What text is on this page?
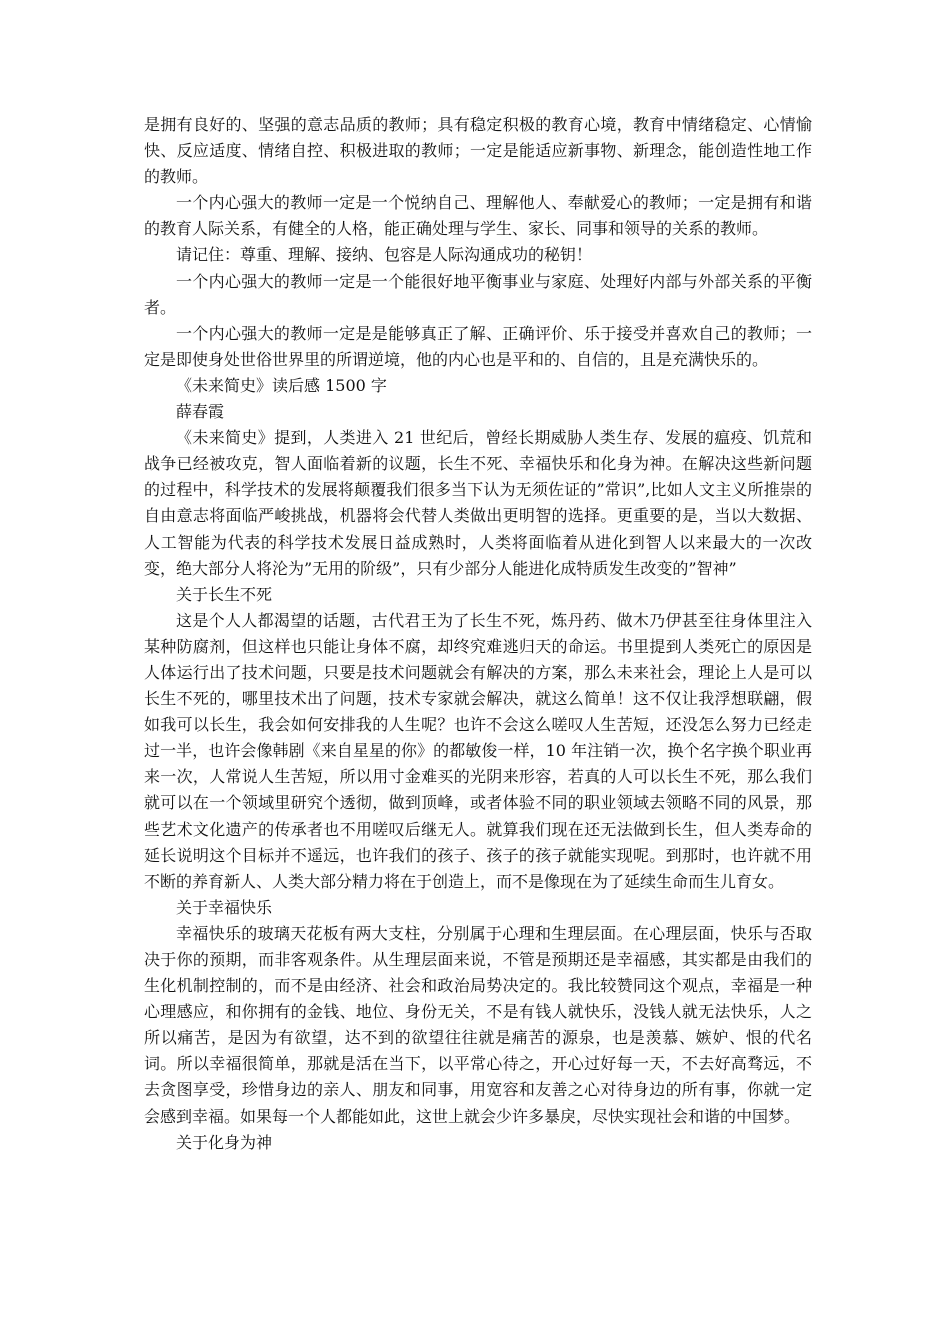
是拥有良好的、坚强的意志品质的教师；具有稳定积极的教育心境，教育中情绪稳定、心情愉快、反应适度、情绪自控、积极进取的教师；一定是能适应新事物、新理念，能创造性地工作的教师。

一个内心强大的教师一定是一个悦纳自己、理解他人、奉献爱心的教师；一定是拥有和谐的教育人际关系，有健全的人格，能正确处理与学生、家长、同事和领导的关系的教师。

请记住：尊重、理解、接纳、包容是人际沟通成功的秘钥！

一个内心强大的教师一定是一个能很好地平衡事业与家庭、处理好内部与外部关系的平衡者。

一个内心强大的教师一定是是能够真正了解、正确评价、乐于接受并喜欢自己的教师；一定是即使身处世俗世界里的所谓逆境，他的内心也是平和的、自信的，且是充满快乐的。

《未来简史》读后感 1500 字

薛春霞

《未来简史》提到，人类进入 21 世纪后，曾经长期威胁人类生存、发展的瘟疫、饥荒和战争已经被攻克，智人面临着新的议题，长生不死、幸福快乐和化身为神。在解决这些新问题的过程中，科学技术的发展将颠覆我们很多当下认为无须佐证的”常识”,比如人文主义所推崇的自由意志将面临严峻挑战，机器将会代替人类做出更明智的选择。更重要的是，当以大数据、人工智能为代表的科学技术发展日益成熟时，人类将面临着从进化到智人以来最大的一次改变，绝大部分人将沦为”无用的阶级”，只有少部分人能进化成特质发生改变的”智神”

关于长生不死

这是个人人都渴望的话题，古代君王为了长生不死，炼丹药、做木乃伊甚至往身体里注入某种防腐剂，但这样也只能让身体不腐，却终究难逃归天的命运。书里提到人类死亡的原因是人体运行出了技术问题，只要是技术问题就会有解决的方案，那么未来社会，理论上人是可以长生不死的，哪里技术出了问题，技术专家就会解决，就这么简单！这不仅让我浮想联翩，假如我可以长生，我会如何安排我的人生呢？也许不会这么嗟叹人生苦短，还没怎么努力已经走过一半，也许会像韩剧《来自星星的你》的都敏俊一样，10 年注销一次，换个名字换个职业再来一次，人常说人生苦短，所以用寸金难买的光阴来形容，若真的人可以长生不死，那么我们就可以在一个领域里研究个透彻，做到顶峰，或者体验不同的职业领域去领略不同的风景，那些艺术文化遗产的传承者也不用嗟叹后继无人。就算我们现在还无法做到长生，但人类寿命的延长说明这个目标并不遥远，也许我们的孩子、孩子的孩子就能实现呢。到那时，也许就不用不断的养育新人、人类大部分精力将在于创造上，而不是像现在为了延续生命而生儿育女。

关于幸福快乐

幸福快乐的玻璃天花板有两大支柱，分别属于心理和生理层面。在心理层面，快乐与否取决于你的预期，而非客观条件。从生理层面来说，不管是预期还是幸福感，其实都是由我们的生化机制控制的，而不是由经济、社会和政治局势决定的。我比较赞同这个观点，幸福是一种心理感应，和你拥有的金钱、地位、身份无关，不是有钱人就快乐，没钱人就无法快乐，人之所以痛苦，是因为有欲望，达不到的欲望往往就是痛苦的源泉，也是羡慕、嫉妒、恨的代名词。所以幸福很简单，那就是活在当下，以平常心待之，开心过好每一天，不去好高骛远，不去贪图享受，珍惜身边的亲人、朋友和同事，用宽容和友善之心对待身边的所有事，你就一定会感到幸福。如果每一个人都能如此，这世上就会少许多暴戾，尽快实现社会和谐的中国梦。

关于化身为神
